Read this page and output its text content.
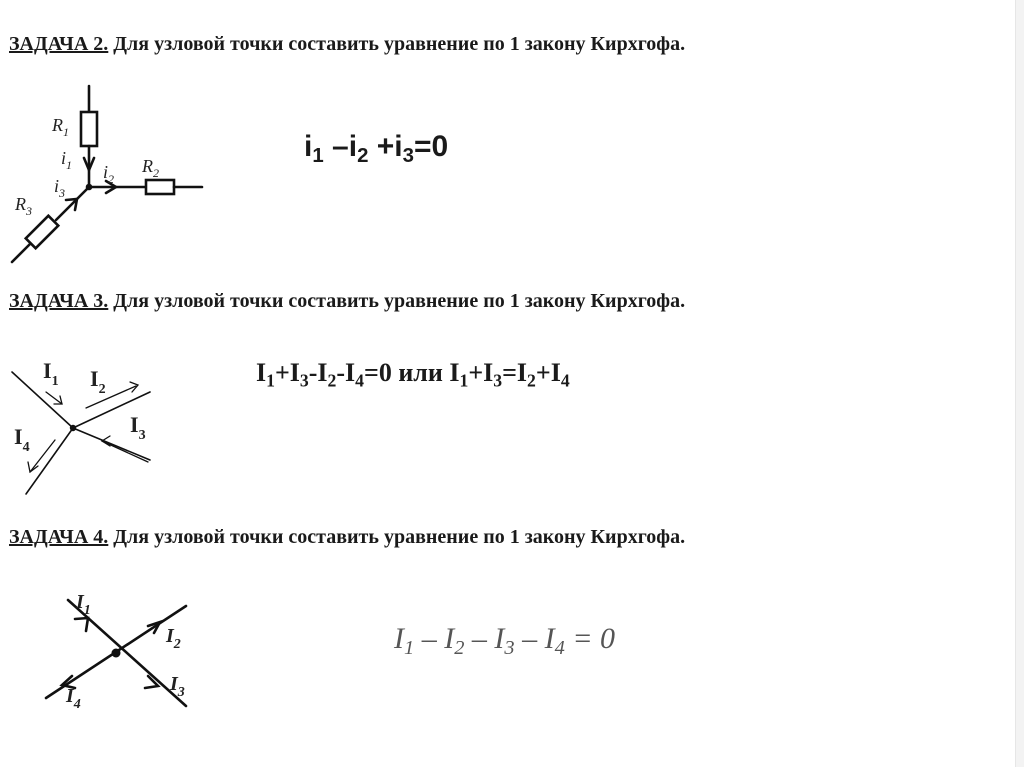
ЗАДАЧА 2. Для узловой точки составить уравнение по 1 закону Кирхгофа.
$R_1$
$R_2$
$R_3$
$i_1$ $i_2$
$i_3$
$I_1$ $I_2$
$I_3$
$I_4$
$I_1$
$I_2$
$I_3$
$I_4$
$i_1$ $-i_2 +i_3=0$
ЗАДАЧА 3. Для узловой точки составить уравнение по 1 закону Кирхгофа.
$I_1+I_3-I_2-I_4=0$ или $I_1+I_3=I_2+I_4$
ЗАДАЧА 4. Для узловой точки составить уравнение по 1 закону Кирхгофа.
$I_1 - I_2 - I_3 - I_4 = 0$
